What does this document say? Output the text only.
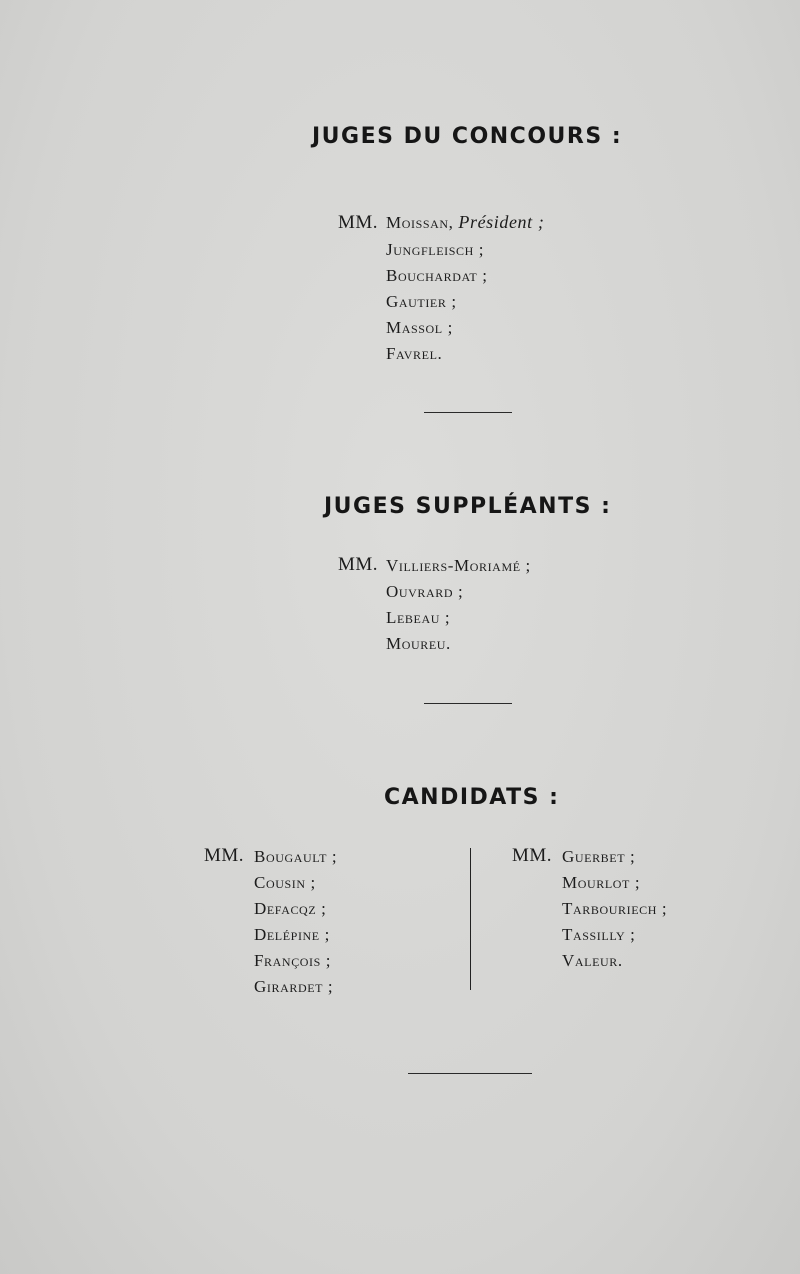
JUGES DU CONCOURS :
MM. Moissan, Président ;
Jungfleisch ;
Bouchardat ;
Gautier ;
Massol ;
Favrel.
JUGES SUPPLÉANTS :
MM. Villiers-Moriamé ;
Ouvrard ;
Lebeau ;
Moureu.
CANDIDATS :
MM. Bougault ;
Cousin ;
Defacqz ;
Delépine ;
François ;
Girardet ;
MM. Guerbet ;
Mourlot ;
Tarbouriech ;
Tassilly ;
Valeur.
